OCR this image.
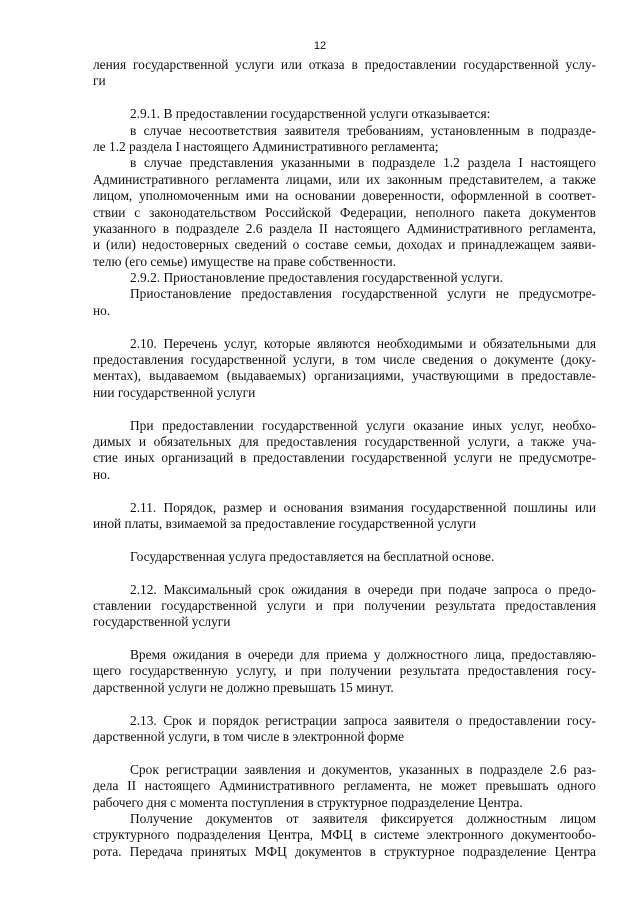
12
ления государственной услуги или отказа в предоставлении государственной услу-
ги
2.9.1. В предоставлении государственной услуги отказывается:
в случае несоответствия заявителя требованиям, установленным в подразде-
ле 1.2 раздела I настоящего Административного регламента;
в случае представления указанными в подразделе 1.2 раздела I настоящего
Административного регламента лицами, или их законным представителем, а также
лицом, уполномоченным ими на основании доверенности, оформленной в соответ-
ствии с законодательством Российской Федерации, неполного пакета документов
указанного в подразделе 2.6 раздела II настоящего Административного регламента,
и (или) недостоверных сведений о составе семьи, доходах и принадлежащем заяви-
телю (его семье) имуществе на праве собственности.
2.9.2. Приостановление предоставления государственной услуги.
Приостановление предоставления государственной услуги не предусмотре-
но.
2.10. Перечень услуг, которые являются необходимыми и обязательными для
предоставления государственной услуги, в том числе сведения о документе (доку-
ментах), выдаваемом (выдаваемых) организациями, участвующими в предоставле-
нии государственной услуги
При предоставлении государственной услуги оказание иных услуг, необхо-
димых и обязательных для предоставления государственной услуги, а также уча-
стие иных организаций в предоставлении государственной услуги не предусмотре-
но.
2.11. Порядок, размер и основания взимания государственной пошлины или
иной платы, взимаемой за предоставление государственной услуги
Государственная услуга предоставляется на бесплатной основе.
2.12. Максимальный срок ожидания в очереди при подаче запроса о предо-
ставлении государственной услуги и при получении результата предоставления
государственной услуги
Время ожидания в очереди для приема у должностного лица, предоставляю-
щего государственную услугу, и при получении результата предоставления госу-
дарственной услуги не должно превышать 15 минут.
2.13. Срок и порядок регистрации запроса заявителя о предоставлении госу-
дарственной услуги, в том числе в электронной форме
Срок регистрации заявления и документов, указанных в подразделе 2.6 раз-
дела II настоящего Административного регламента, не может превышать одного
рабочего дня с момента поступления в структурное подразделение Центра.
Получение документов от заявителя фиксируется должностным лицом
структурного подразделения Центра, МФЦ в системе электронного документообо-
рота. Передача принятых МФЦ документов в структурное подразделение Центра
